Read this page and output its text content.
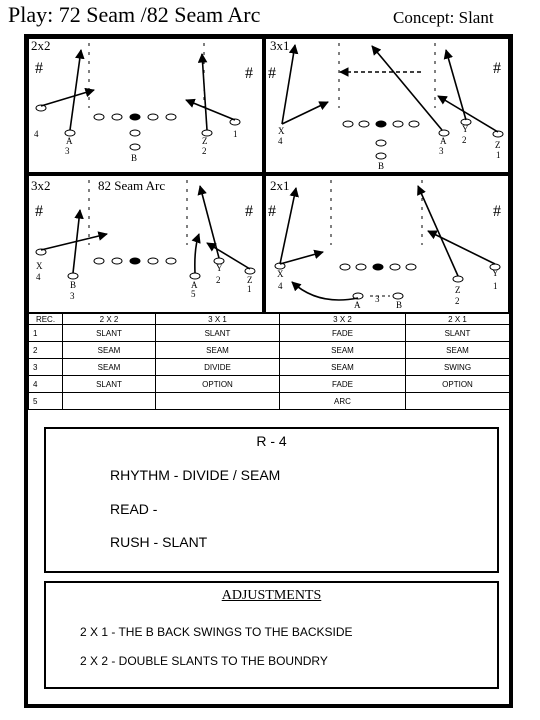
Play: 72 Seam /82 Seam Arc	Concept: Slant
2x2
#	#
4
A
3
B
Z
2
1
3x1
#	#
X
4	A
3
Y
2	Z
1
B
3x2	82 Seam Arc
#	#
X
4
B
3
A
5
Y
2	Z
1
2x1
#	#
X
4
A
3
B
Y
1
Z
2
REC.	2 X 2	3 X 1	3 X 2	2 X 1
1	SLANT	SLANT	FADE	SLANT
2	SEAM	SEAM	SEAM	SEAM
3	SEAM	DIVIDE	SEAM	SWING
4	SLANT	OPTION	FADE	OPTION
5			ARC	
R - 4
RHYTHM - DIVIDE / SEAM
READ -
RUSH - SLANT
ADJUSTMENTS
2 X 1 - THE B BACK SWINGS TO THE BACKSIDE
2 X 2 - DOUBLE SLANTS TO THE BOUNDRY
